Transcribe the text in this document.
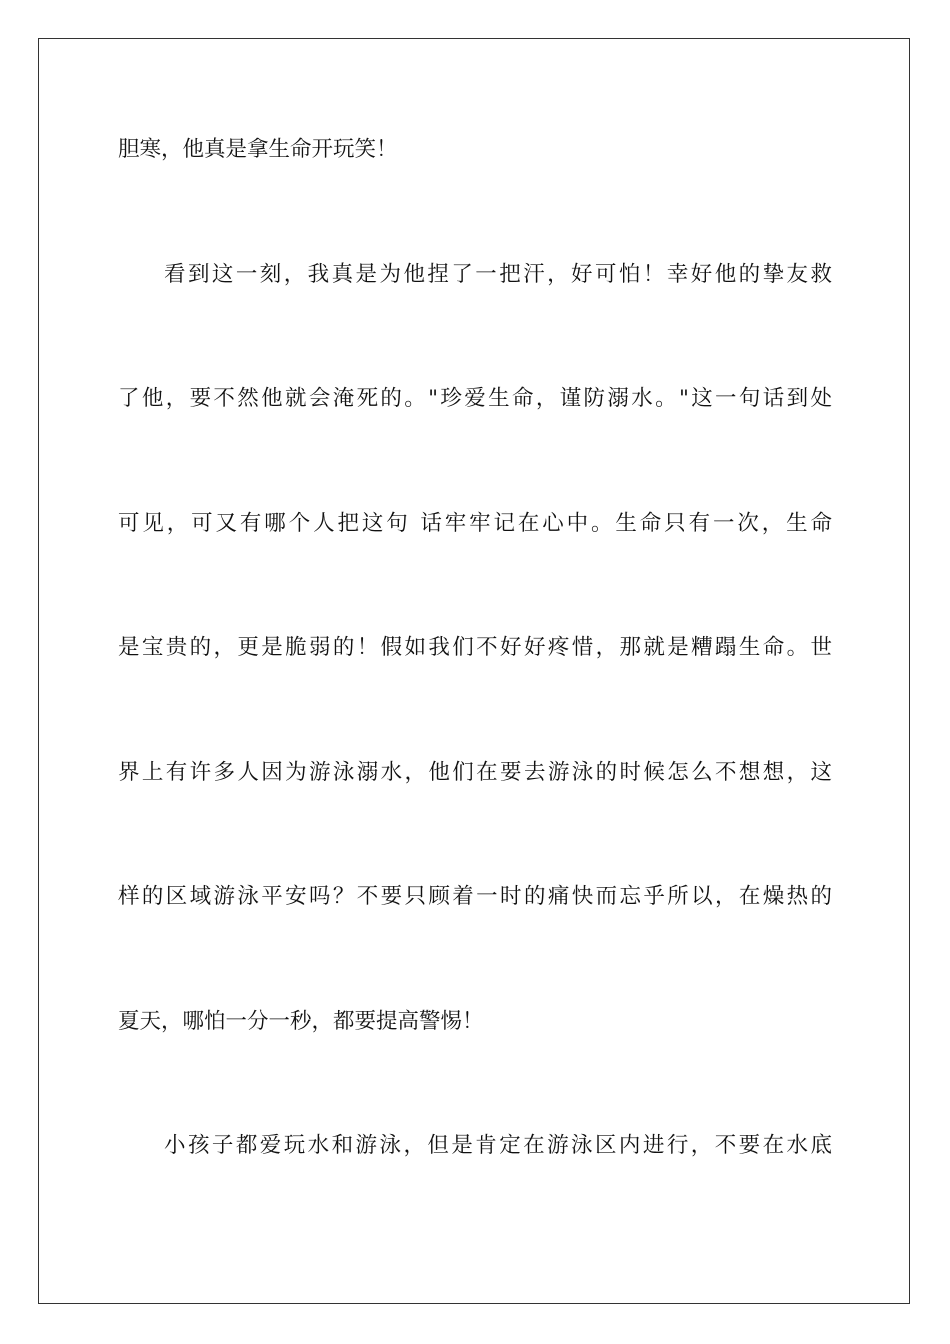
胆寒，他真是拿生命开玩笑！
看到这一刻，我真是为他捏了一把汗，好可怕！幸好他的挚友救
了他，要不然他就会淹死的。"珍爱生命，谨防溺水。"这一句话到处
可见，可又有哪个人把这句 话牢牢记在心中。生命只有一次，生命
是宝贵的，更是脆弱的！假如我们不好好疼惜，那就是糟蹋生命。世
界上有许多人因为游泳溺水，他们在要去游泳的时候怎么不想想，这
样的区域游泳平安吗？不要只顾着一时的痛快而忘乎所以，在燥热的
夏天，哪怕一分一秒，都要提高警惕！
小孩子都爱玩水和游泳，但是肯定在游泳区内进行，不要在水底
